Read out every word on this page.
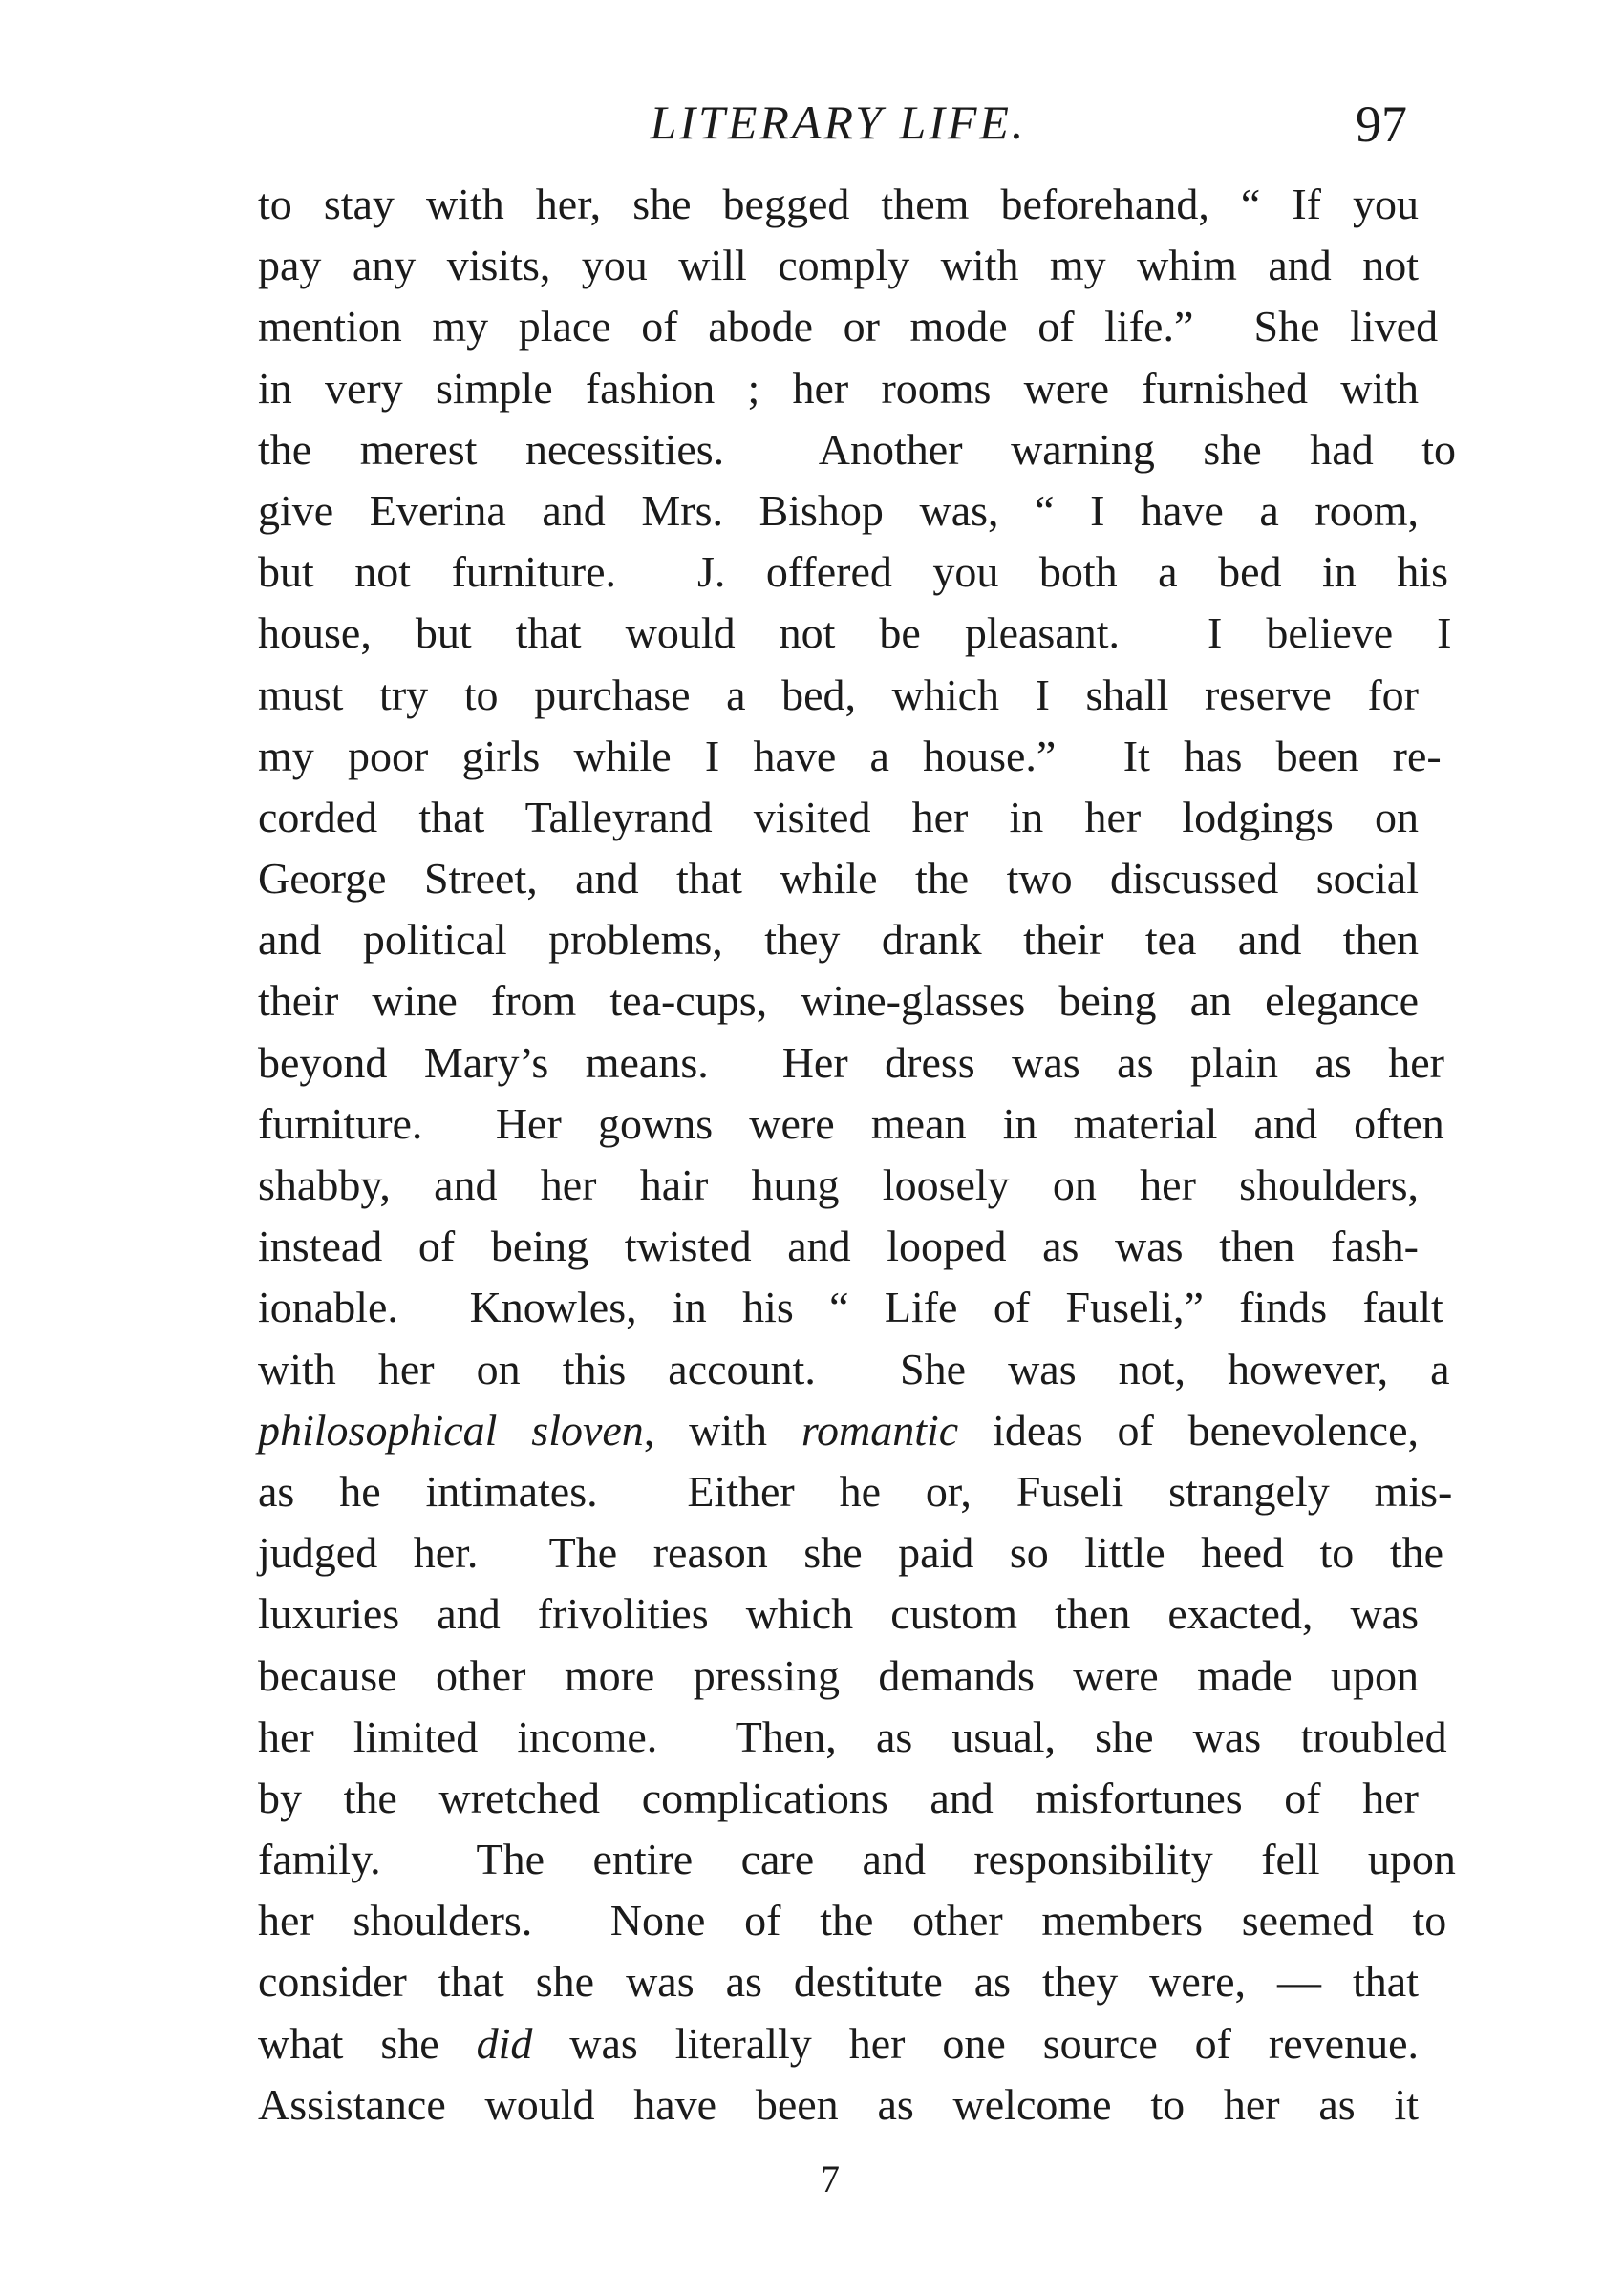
LITERARY LIFE.	97
to stay with her, she begged them beforehand, “ If you
pay any visits, you will comply with my whim and not
mention my place of abode or mode of life.”  She lived
in very simple fashion ; her rooms were furnished with
the merest necessities.  Another warning she had to
give Everina and Mrs. Bishop was, “ I have a room,
but not furniture.  J. offered you both a bed in his
house, but that would not be pleasant.  I believe I
must try to purchase a bed, which I shall reserve for
my poor girls while I have a house.”  It has been re-
corded that Talleyrand visited her in her lodgings on
George Street, and that while the two discussed social
and political problems, they drank their tea and then
their wine from tea-cups, wine-glasses being an elegance
beyond Mary’s means.  Her dress was as plain as her
furniture.  Her gowns were mean in material and often
shabby, and her hair hung loosely on her shoulders,
instead of being twisted and looped as was then fash-
ionable.  Knowles, in his “ Life of Fuseli,” finds fault
with her on this account.  She was not, however, a
philosophical sloven, with romantic ideas of benevolence,
as he intimates.  Either he or, Fuseli strangely mis-
judged her.  The reason she paid so little heed to the
luxuries and frivolities which custom then exacted, was
because other more pressing demands were made upon
her limited income.  Then, as usual, she was troubled
by the wretched complications and misfortunes of her
family.  The entire care and responsibility fell upon
her shoulders.  None of the other members seemed to
consider that she was as destitute as they were, — that
what she did was literally her one source of revenue.
Assistance would have been as welcome to her as it
7
